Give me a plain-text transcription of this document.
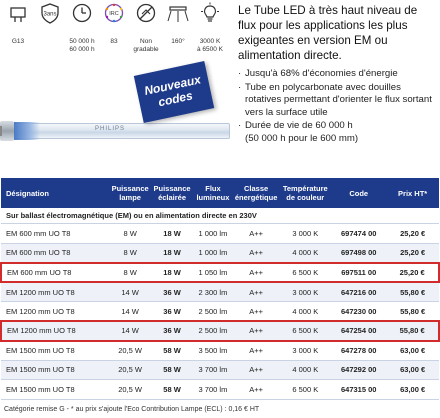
G13
3ans
50 000 h
60 000 h
IRC
83	Non
gradable
160°	3000 K
à 6500 K
PHILIPS
Nouveaux
codes
Le Tube LED à très haut niveau de flux pour les applications les plus exigeantes en version EM ou alimentation directe.
· Jusqu'à 68% d'économies d'énergie
· Tube en polycarbonate avec douilles rotatives permettant d'orienter le flux sortant vers la surface utile
· Durée de vie de 60 000 h
(50 000 h pour le 600 mm)
Désignation	Puissance lampe	Puissance éclairée	Flux lumineux	Classe énergétique	Température de couleur	Code	Prix HT*
Sur ballast électromagnétique (EM) ou en alimentation directe en 230V							
EM 600 mm UO T8	8 W	18 W	1 000 lm	A++	3 000 K	697474 00	25,20 €
EM 600 mm UO T8	8 W	18 W	1 000 lm	A++	4 000 K	697498 00	25,20 €
EM 600 mm UO T8	8 W	18 W	1 050 lm	A++	6 500 K	697511 00	25,20 €
EM 1200 mm UO T8	14 W	36 W	2 300 lm	A++	3 000 K	647216 00	55,80 €
EM 1200 mm UO T8	14 W	36 W	2 500 lm	A++	4 000 K	647230 00	55,80 €
EM 1200 mm UO T8	14 W	36 W	2 500 lm	A++	6 500 K	647254 00	55,80 €
EM 1500 mm UO T8	20,5 W	58 W	3 500 lm	A++	3 000 K	647278 00	63,00 €
EM 1500 mm UO T8	20,5 W	58 W	3 700 lm	A++	4 000 K	647292 00	63,00 €
EM 1500 mm UO T8	20,5 W	58 W	3 700 lm	A++	6 500 K	647315 00	63,00 €
Catégorie remise G - * au prix s'ajoute l'Eco Contribution Lampe (ECL) : 0,16 € HT
